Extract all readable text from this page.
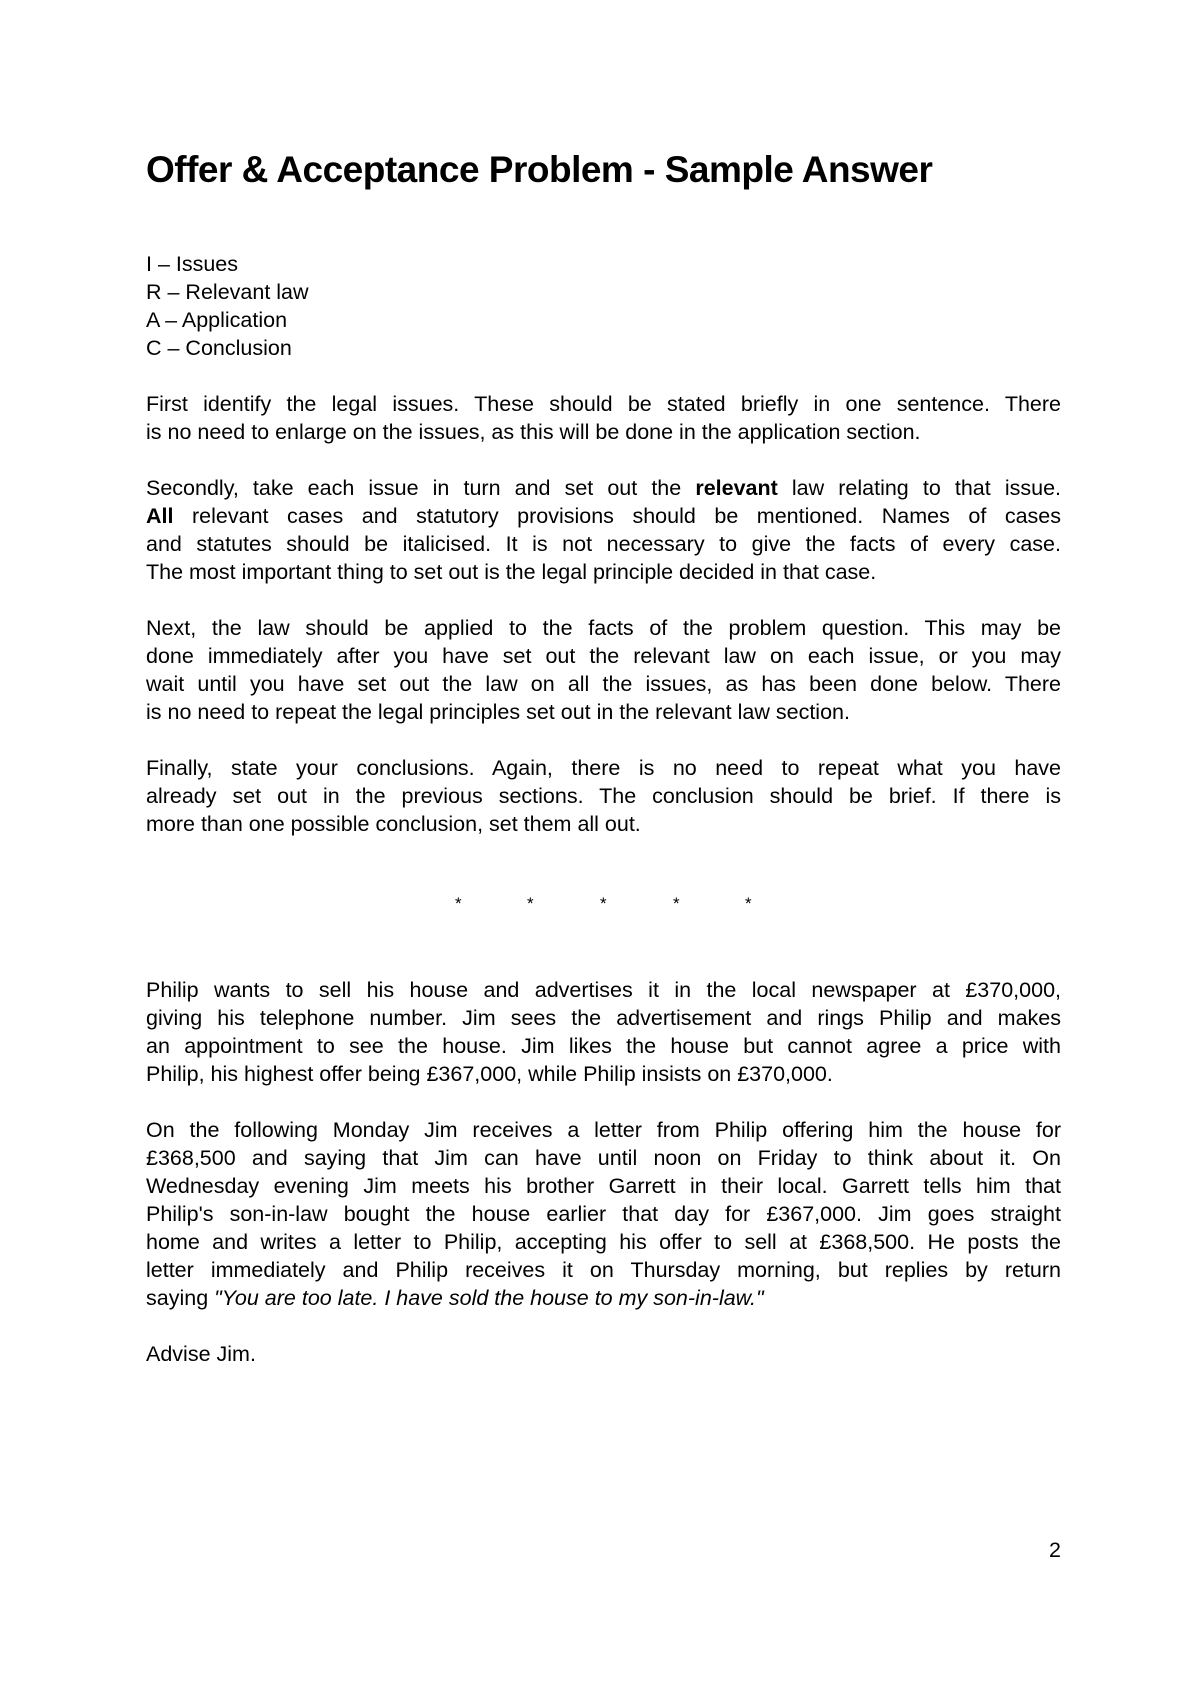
Offer & Acceptance Problem - Sample Answer
I – Issues
R – Relevant law
A – Application
C – Conclusion

First identify the legal issues. These should be stated briefly in one sentence. There
is no need to enlarge on the issues, as this will be done in the application section.

Secondly, take each issue in turn and set out the relevant law relating to that issue.
All relevant cases and statutory provisions should be mentioned. Names of cases
and statutes should be italicised. It is not necessary to give the facts of every case.
The most important thing to set out is the legal principle decided in that case.

Next, the law should be applied to the facts of the problem question. This may be
done immediately after you have set out the relevant law on each issue, or you may
wait until you have set out the law on all the issues, as has been done below. There
is no need to repeat the legal principles set out in the relevant law section.

Finally, state your conclusions. Again, there is no need to repeat what you have
already set out in the previous sections. The conclusion should be brief. If there is
more than one possible conclusion, set them all out.

*	*	*	*	*

Philip wants to sell his house and advertises it in the local newspaper at £370,000,
giving his telephone number. Jim sees the advertisement and rings Philip and makes
an appointment to see the house. Jim likes the house but cannot agree a price with
Philip, his highest offer being £367,000, while Philip insists on £370,000.

On the following Monday Jim receives a letter from Philip offering him the house for
£368,500 and saying that Jim can have until noon on Friday to think about it. On
Wednesday evening Jim meets his brother Garrett in their local. Garrett tells him that
Philip's son-in-law bought the house earlier that day for £367,000. Jim goes straight
home and writes a letter to Philip, accepting his offer to sell at £368,500. He posts the
letter immediately and Philip receives it on Thursday morning, but replies by return
saying "You are too late. I have sold the house to my son-in-law."

Advise Jim.

2
